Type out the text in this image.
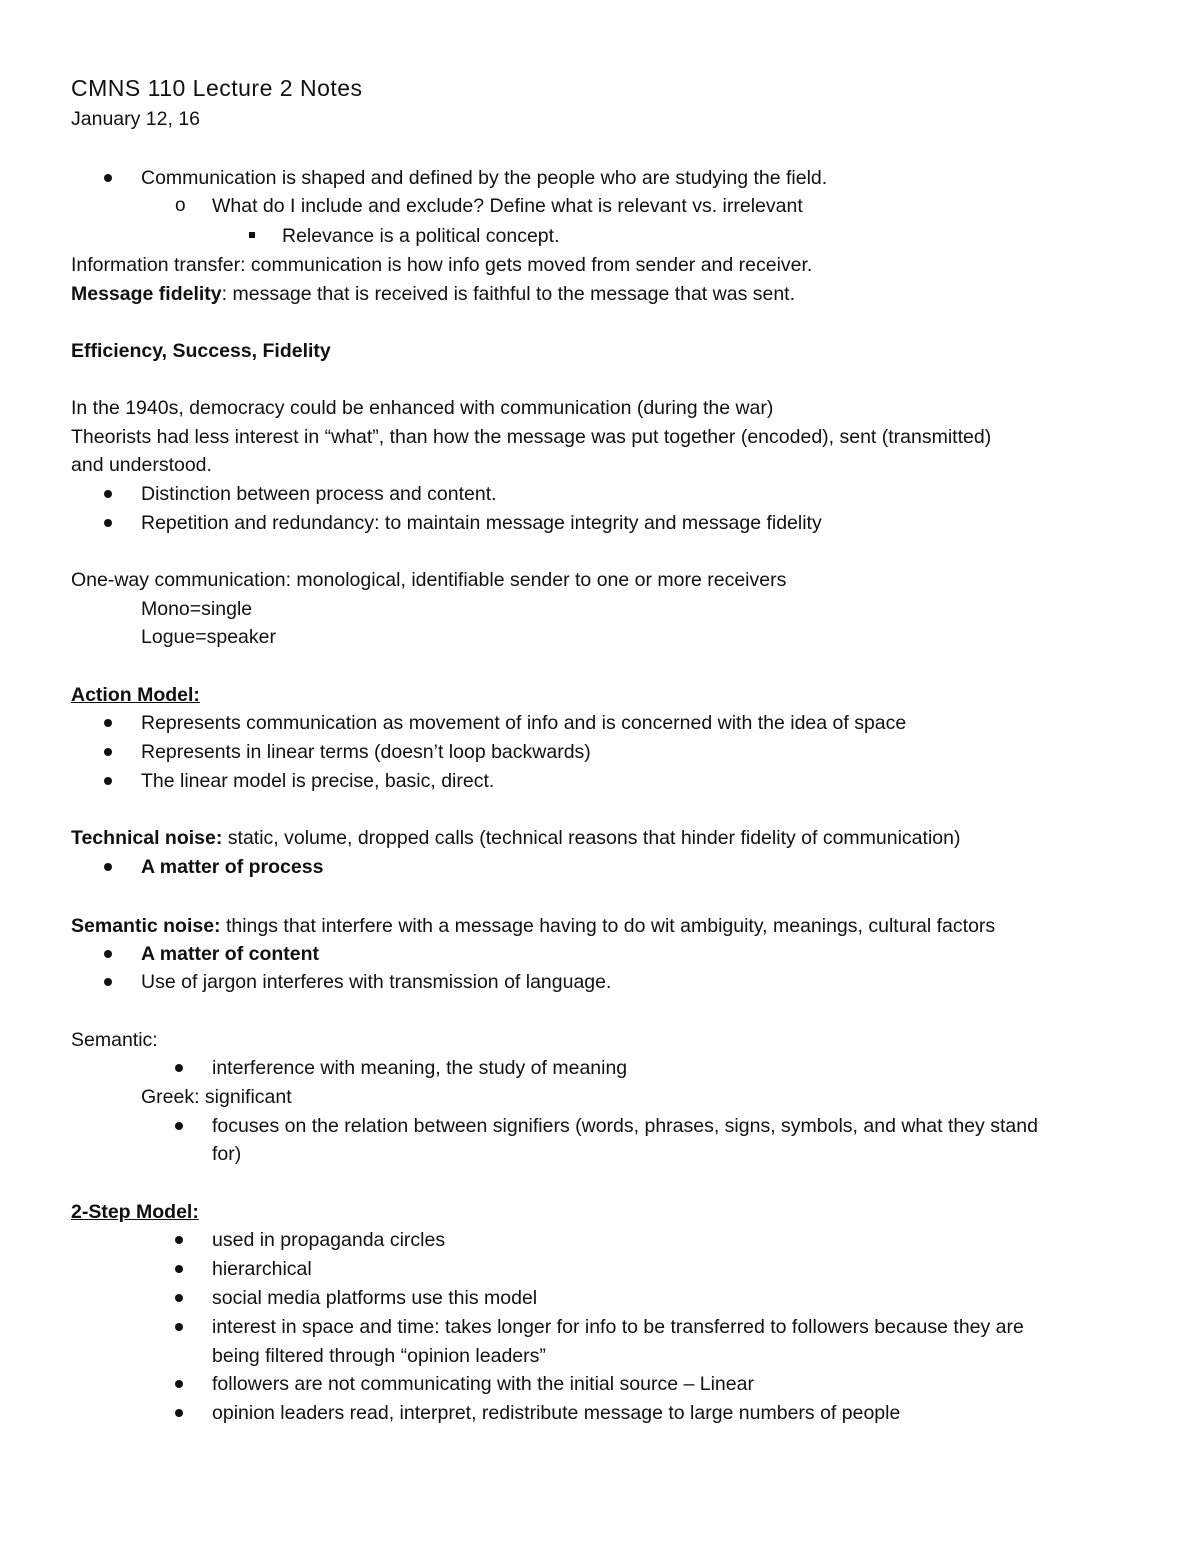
CMNS 110 Lecture 2 Notes
January 12, 16
Communication is shaped and defined by the people who are studying the field.
o What do I include and exclude? Define what is relevant vs. irrelevant
Relevance is a political concept.
Information transfer: communication is how info gets moved from sender and receiver.
Message fidelity: message that is received is faithful to the message that was sent.
Efficiency, Success, Fidelity
In the 1940s, democracy could be enhanced with communication (during the war)
Theorists had less interest in “what”, than how the message was put together (encoded), sent (transmitted)
and understood.
Distinction between process and content.
Repetition and redundancy: to maintain message integrity and message fidelity
One-way communication: monological, identifiable sender to one or more receivers
Mono=single
Logue=speaker
Action Model:
Represents communication as movement of info and is concerned with the idea of space
Represents in linear terms (doesn’t loop backwards)
The linear model is precise, basic, direct.
Technical noise: static, volume, dropped calls (technical reasons that hinder fidelity of communication)
A matter of process
Semantic noise: things that interfere with a message having to do wit ambiguity, meanings, cultural factors
A matter of content
Use of jargon interferes with transmission of language.
Semantic:
interference with meaning, the study of meaning
Greek: significant
focuses on the relation between signifiers (words, phrases, signs, symbols, and what they stand
for)
2-Step Model:
used in propaganda circles
hierarchical
social media platforms use this model
interest in space and time: takes longer for info to be transferred to followers because they are
being filtered through “opinion leaders”
followers are not communicating with the initial source – Linear
opinion leaders read, interpret, redistribute message to large numbers of people
